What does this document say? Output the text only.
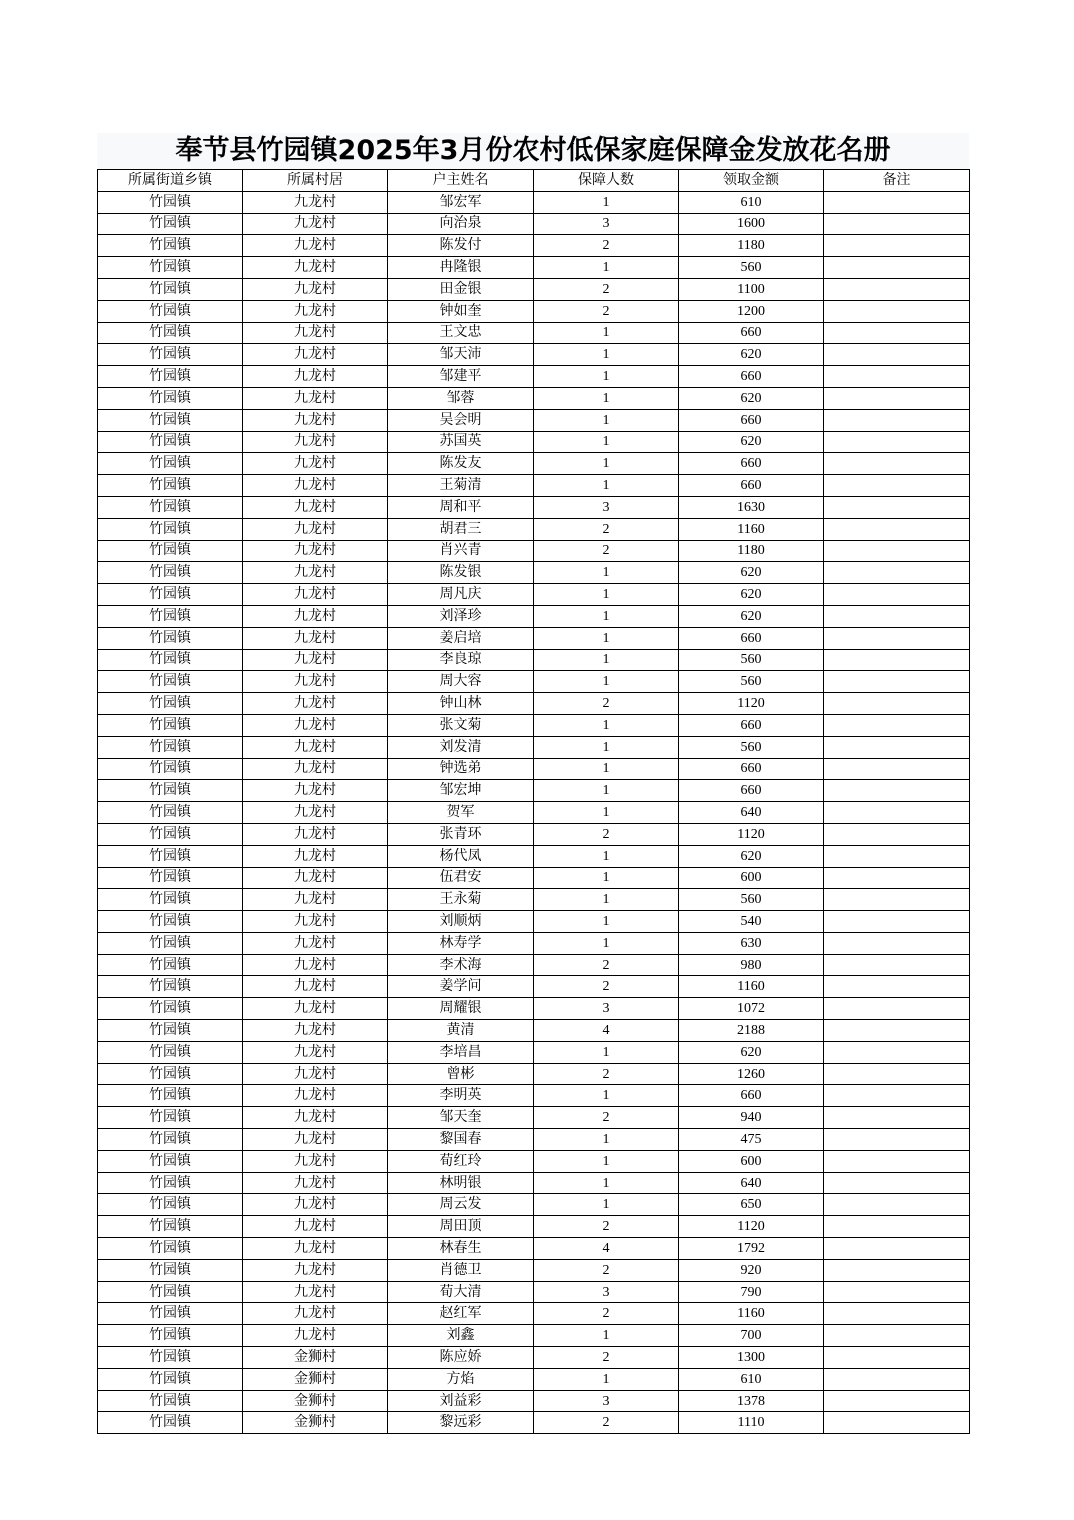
奉节县竹园镇2025年3月份农村低保家庭保障金发放花名册
所属街道乡镇	所属村居	户主姓名	保障人数	领取金额	备注
竹园镇	九龙村	邹宏军	1	610	
竹园镇	九龙村	向治泉	3	1600	
竹园镇	九龙村	陈发付	2	1180	
竹园镇	九龙村	冉隆银	1	560	
竹园镇	九龙村	田金银	2	1100	
竹园镇	九龙村	钟如奎	2	1200	
竹园镇	九龙村	王文忠	1	660	
竹园镇	九龙村	邹天沛	1	620	
竹园镇	九龙村	邹建平	1	660	
竹园镇	九龙村	邹蓉	1	620	
竹园镇	九龙村	吴会明	1	660	
竹园镇	九龙村	苏国英	1	620	
竹园镇	九龙村	陈发友	1	660	
竹园镇	九龙村	王菊清	1	660	
竹园镇	九龙村	周和平	3	1630	
竹园镇	九龙村	胡君三	2	1160	
竹园镇	九龙村	肖兴青	2	1180	
竹园镇	九龙村	陈发银	1	620	
竹园镇	九龙村	周凡庆	1	620	
竹园镇	九龙村	刘泽珍	1	620	
竹园镇	九龙村	姜启培	1	660	
竹园镇	九龙村	李良琼	1	560	
竹园镇	九龙村	周大容	1	560	
竹园镇	九龙村	钟山林	2	1120	
竹园镇	九龙村	张文菊	1	660	
竹园镇	九龙村	刘发清	1	560	
竹园镇	九龙村	钟选弟	1	660	
竹园镇	九龙村	邹宏坤	1	660	
竹园镇	九龙村	贺军	1	640	
竹园镇	九龙村	张青环	2	1120	
竹园镇	九龙村	杨代凤	1	620	
竹园镇	九龙村	伍君安	1	600	
竹园镇	九龙村	王永菊	1	560	
竹园镇	九龙村	刘顺炳	1	540	
竹园镇	九龙村	林寿学	1	630	
竹园镇	九龙村	李术海	2	980	
竹园镇	九龙村	姜学问	2	1160	
竹园镇	九龙村	周耀银	3	1072	
竹园镇	九龙村	黄清	4	2188	
竹园镇	九龙村	李培昌	1	620	
竹园镇	九龙村	曾彬	2	1260	
竹园镇	九龙村	李明英	1	660	
竹园镇	九龙村	邹天奎	2	940	
竹园镇	九龙村	黎国春	1	475	
竹园镇	九龙村	荀红玲	1	600	
竹园镇	九龙村	林明银	1	640	
竹园镇	九龙村	周云发	1	650	
竹园镇	九龙村	周田顶	2	1120	
竹园镇	九龙村	林春生	4	1792	
竹园镇	九龙村	肖德卫	2	920	
竹园镇	九龙村	荀大清	3	790	
竹园镇	九龙村	赵红军	2	1160	
竹园镇	九龙村	刘鑫	1	700	
竹园镇	金狮村	陈应娇	2	1300	
竹园镇	金狮村	方焰	1	610	
竹园镇	金狮村	刘益彩	3	1378	
竹园镇	金狮村	黎远彩	2	1110	
